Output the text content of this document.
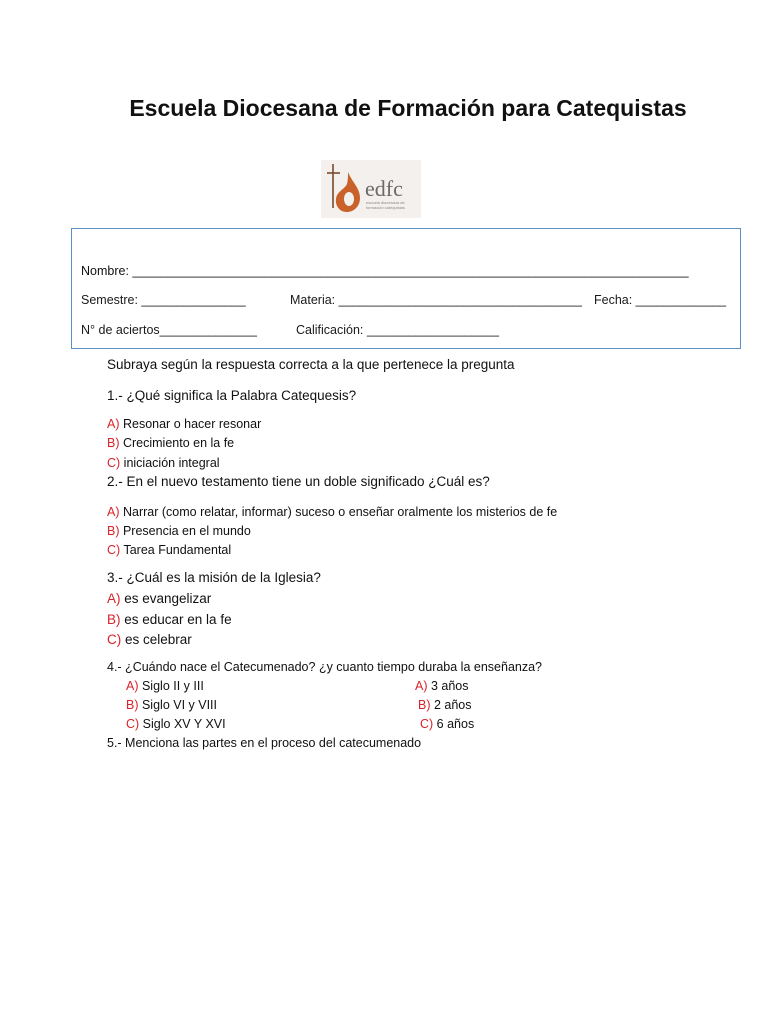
Escuela Diocesana de Formación para Catequistas
edfc
escuela diocesana de
formación catequistas
Nombre: ________________________________________________________________________________
Semestre: _______________	Materia: ___________________________________ Fecha: _____________
N° de aciertos______________	Calificación: ___________________
Subraya según la respuesta correcta a la que pertenece la pregunta
1.- ¿Qué significa la Palabra Catequesis?
A) Resonar o hacer resonar
B) Crecimiento en la fe
C) iniciación integral
2.- En el nuevo testamento tiene un doble significado ¿Cuál es?
A) Narrar (como relatar, informar) suceso o enseñar oralmente los misterios de fe
B) Presencia en el mundo
C) Tarea Fundamental
3.- ¿Cuál es la misión de la Iglesia?
A) es evangelizar
B) es educar en la fe
C) es celebrar
4.- ¿Cuándo nace el Catecumenado? ¿y cuanto tiempo duraba la enseñanza?
A) Siglo II y III
B) Siglo VI y VIII
C) Siglo XV Y XVI
A) 3 años
B) 2 años
C) 6 años
5.- Menciona las partes en el proceso del catecumenado
